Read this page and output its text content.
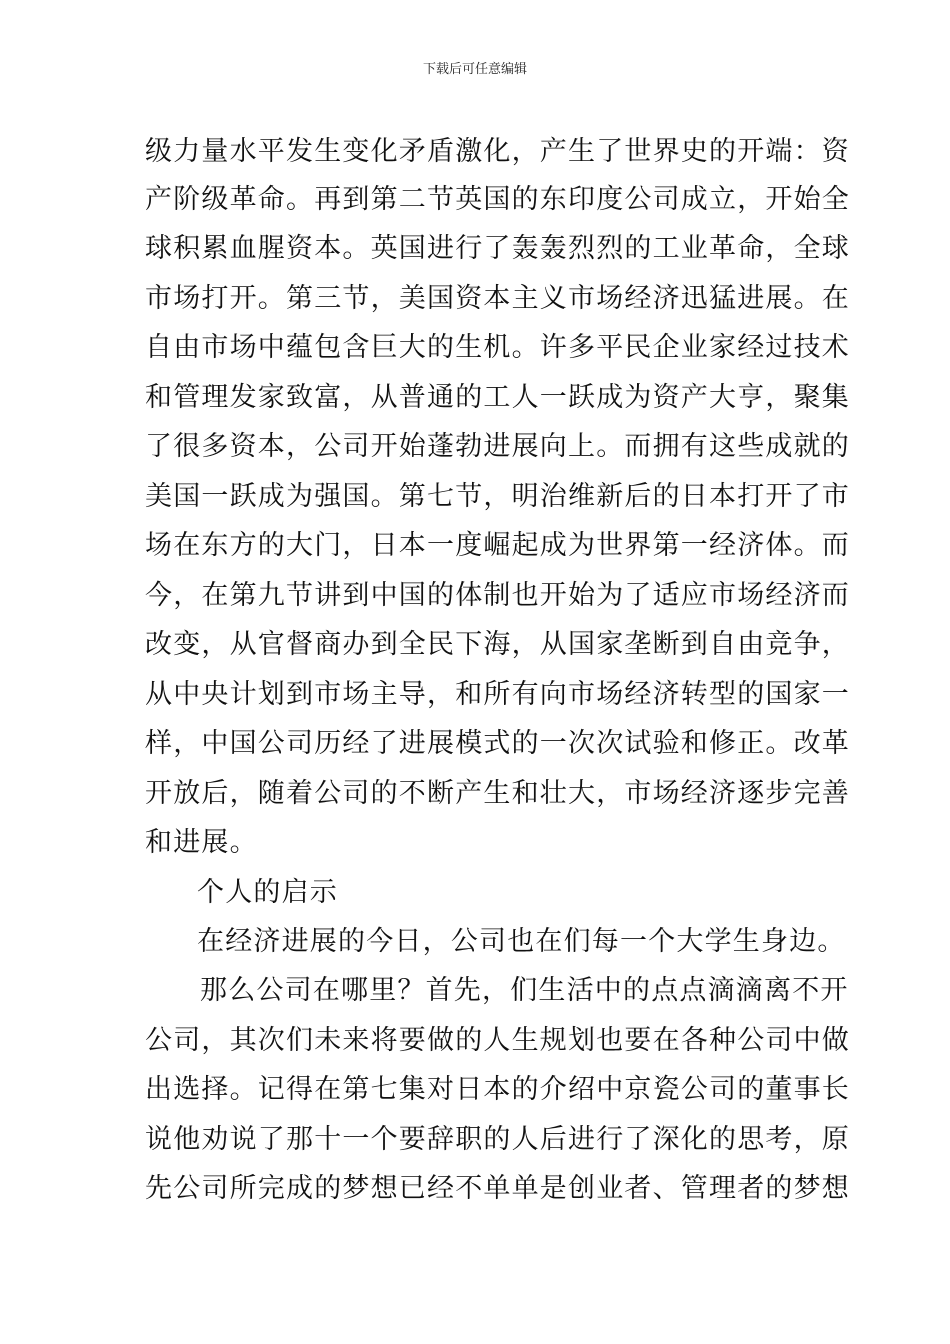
下载后可任意编辑
级力量水平发生变化矛盾激化，产生了世界史的开端：资
产阶级革命。再到第二节英国的东印度公司成立，开始全
球积累血腥资本。英国进行了轰轰烈烈的工业革命，全球
市场打开。第三节，美国资本主义市场经济迅猛进展。在
自由市场中蕴包含巨大的生机。许多平民企业家经过技术
和管理发家致富，从普通的工人一跃成为资产大亨，聚集
了很多资本，公司开始蓬勃进展向上。而拥有这些成就的
美国一跃成为强国。第七节，明治维新后的日本打开了市
场在东方的大门，日本一度崛起成为世界第一经济体。而
今，在第九节讲到中国的体制也开始为了适应市场经济而
改变，从官督商办到全民下海，从国家垄断到自由竞争，
从中央计划到市场主导，和所有向市场经济转型的国家一
样，中国公司历经了进展模式的一次次试验和修正。改革
开放后，随着公司的不断产生和壮大，市场经济逐步完善
和进展。
个人的启示
在经济进展的今日，公司也在们每一个大学生身边。
那么公司在哪里？首先，们生活中的点点滴滴离不开
公司，其次们未来将要做的人生规划也要在各种公司中做
出选择。记得在第七集对日本的介绍中京瓷公司的董事长
说他劝说了那十一个要辞职的人后进行了深化的思考，原
先公司所完成的梦想已经不单单是创业者、管理者的梦想
